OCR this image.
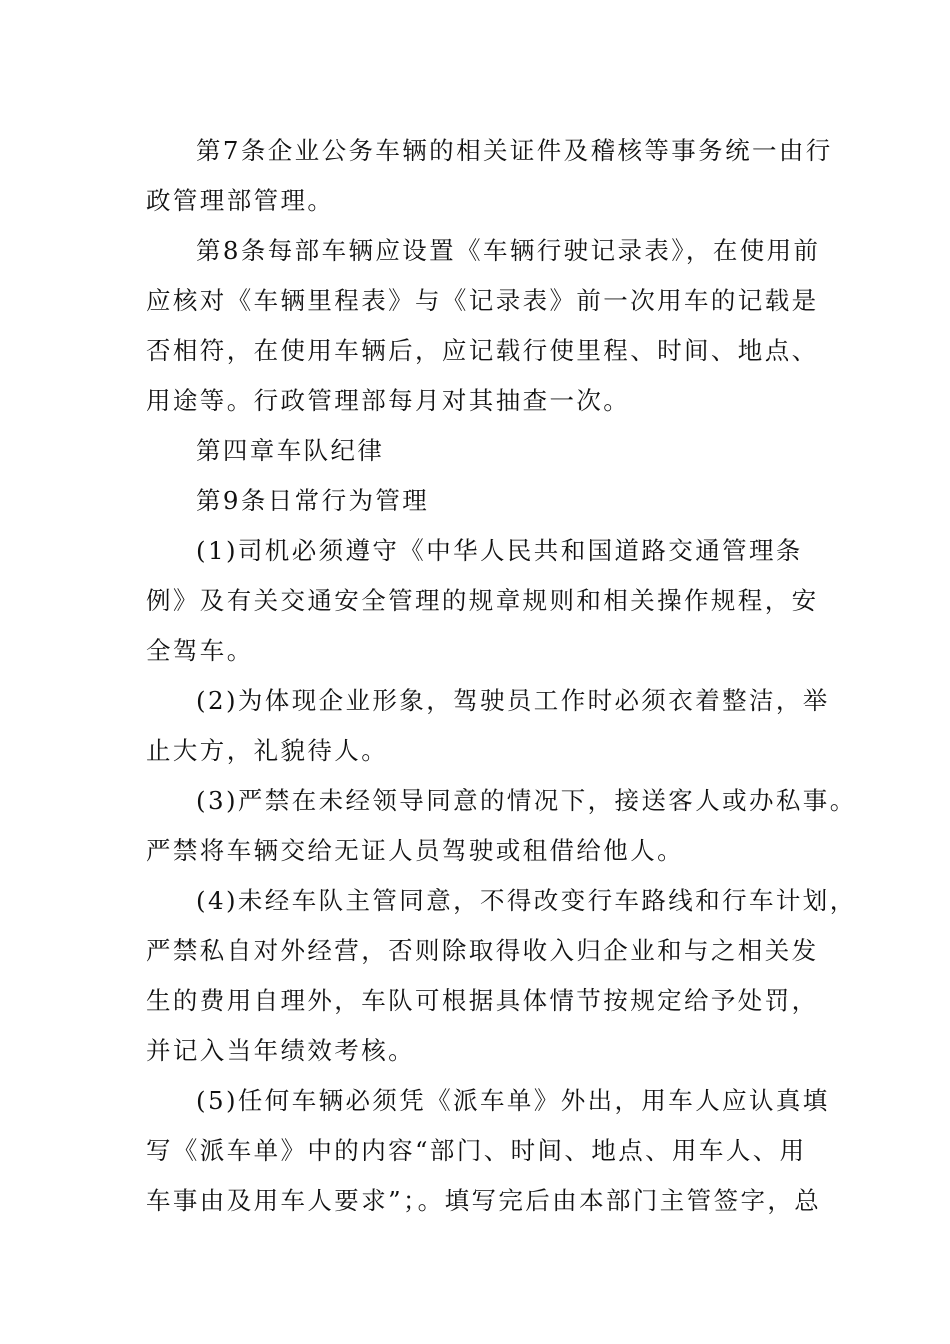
第7条企业公务车辆的相关证件及稽核等事务统一由行
政管理部管理。
第8条每部车辆应设置《车辆行驶记录表》，在使用前
应核对《车辆里程表》与《记录表》前一次用车的记载是
否相符，在使用车辆后，应记载行使里程、时间、地点、
用途等。行政管理部每月对其抽查一次。
第四章车队纪律
第9条日常行为管理
(1)司机必须遵守《中华人民共和国道路交通管理条
例》及有关交通安全管理的规章规则和相关操作规程，安
全驾车。
(2)为体现企业形象，驾驶员工作时必须衣着整洁，举
止大方，礼貌待人。
(3)严禁在未经领导同意的情况下，接送客人或办私事。
严禁将车辆交给无证人员驾驶或租借给他人。
(4)未经车队主管同意，不得改变行车路线和行车计划，
严禁私自对外经营，否则除取得收入归企业和与之相关发
生的费用自理外，车队可根据具体情节按规定给予处罚，
并记入当年绩效考核。
(5)任何车辆必须凭《派车单》外出，用车人应认真填
写《派车单》中的内容“部门、时间、地点、用车人、用
车事由及用车人要求”；。填写完后由本部门主管签字，总
